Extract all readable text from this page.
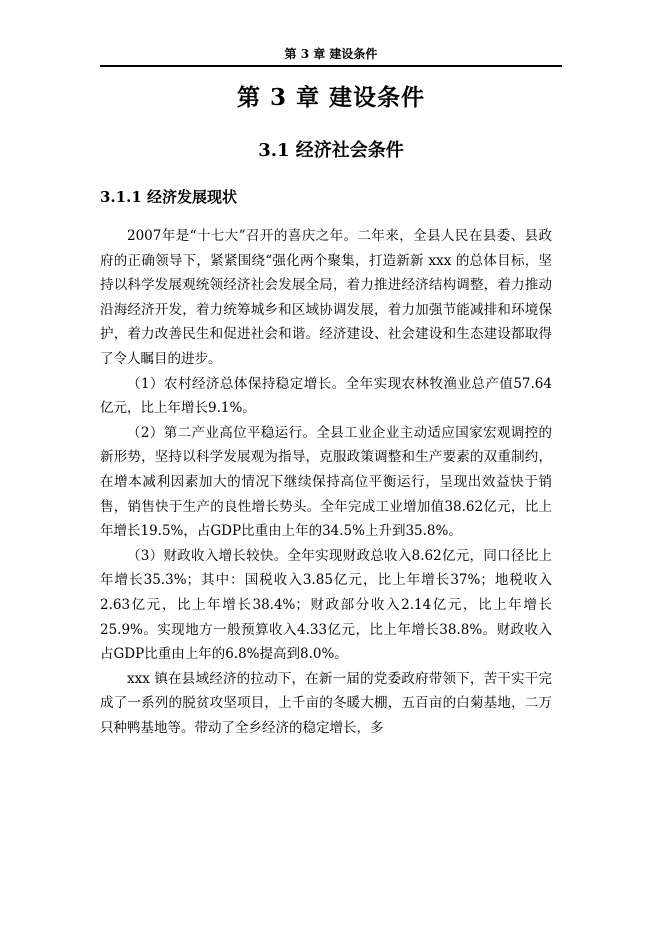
第 3 章 建设条件
第 3 章 建设条件
3.1 经济社会条件
3.1.1 经济发展现状

2007年是“十七大”召开的喜庆之年。二年来，全县人民在县委、县政府的正确领导下，紧紧围绕“强化两个聚集，打造新新 xxx 的总体目标，坚持以科学发展观统领经济社会发展全局，着力推进经济结构调整，着力推动沿海经济开发，着力统筹城乡和区域协调发展，着力加强节能减排和环境保护，着力改善民生和促进社会和谐。经济建设、社会建设和生态建设都取得了令人瞩目的进步。

（1）农村经济总体保持稳定增长。全年实现农林牧渔业总产值57.64亿元，比上年增长9.1%。

（2）第二产业高位平稳运行。全县工业企业主动适应国家宏观调控的新形势，坚持以科学发展观为指导，克服政策调整和生产要素的双重制约，在增本减利因素加大的情况下继续保持高位平衡运行，呈现出效益快于销售，销售快于生产的良性增长势头。全年完成工业增加值38.62亿元，比上年增长19.5%，占GDP比重由上年的34.5%上升到35.8%。

（3）财政收入增长较快。全年实现财政总收入8.62亿元，同口径比上年增长35.3%；其中：国税收入3.85亿元，比上年增长37%；地税收入2.63亿元，比上年增长38.4%；财政部分收入2.14亿元，比上年增长25.9%。实现地方一般预算收入4.33亿元，比上年增长38.8%。财政收入占GDP比重由上年的6.8%提高到8.0%。

xxx 镇在县域经济的拉动下，在新一届的党委政府带领下，苦干实干完成了一系列的脱贫攻坚项目，上千亩的冬暖大棚，五百亩的白菊基地，二万只种鸭基地等。带动了全乡经济的稳定增长，多
